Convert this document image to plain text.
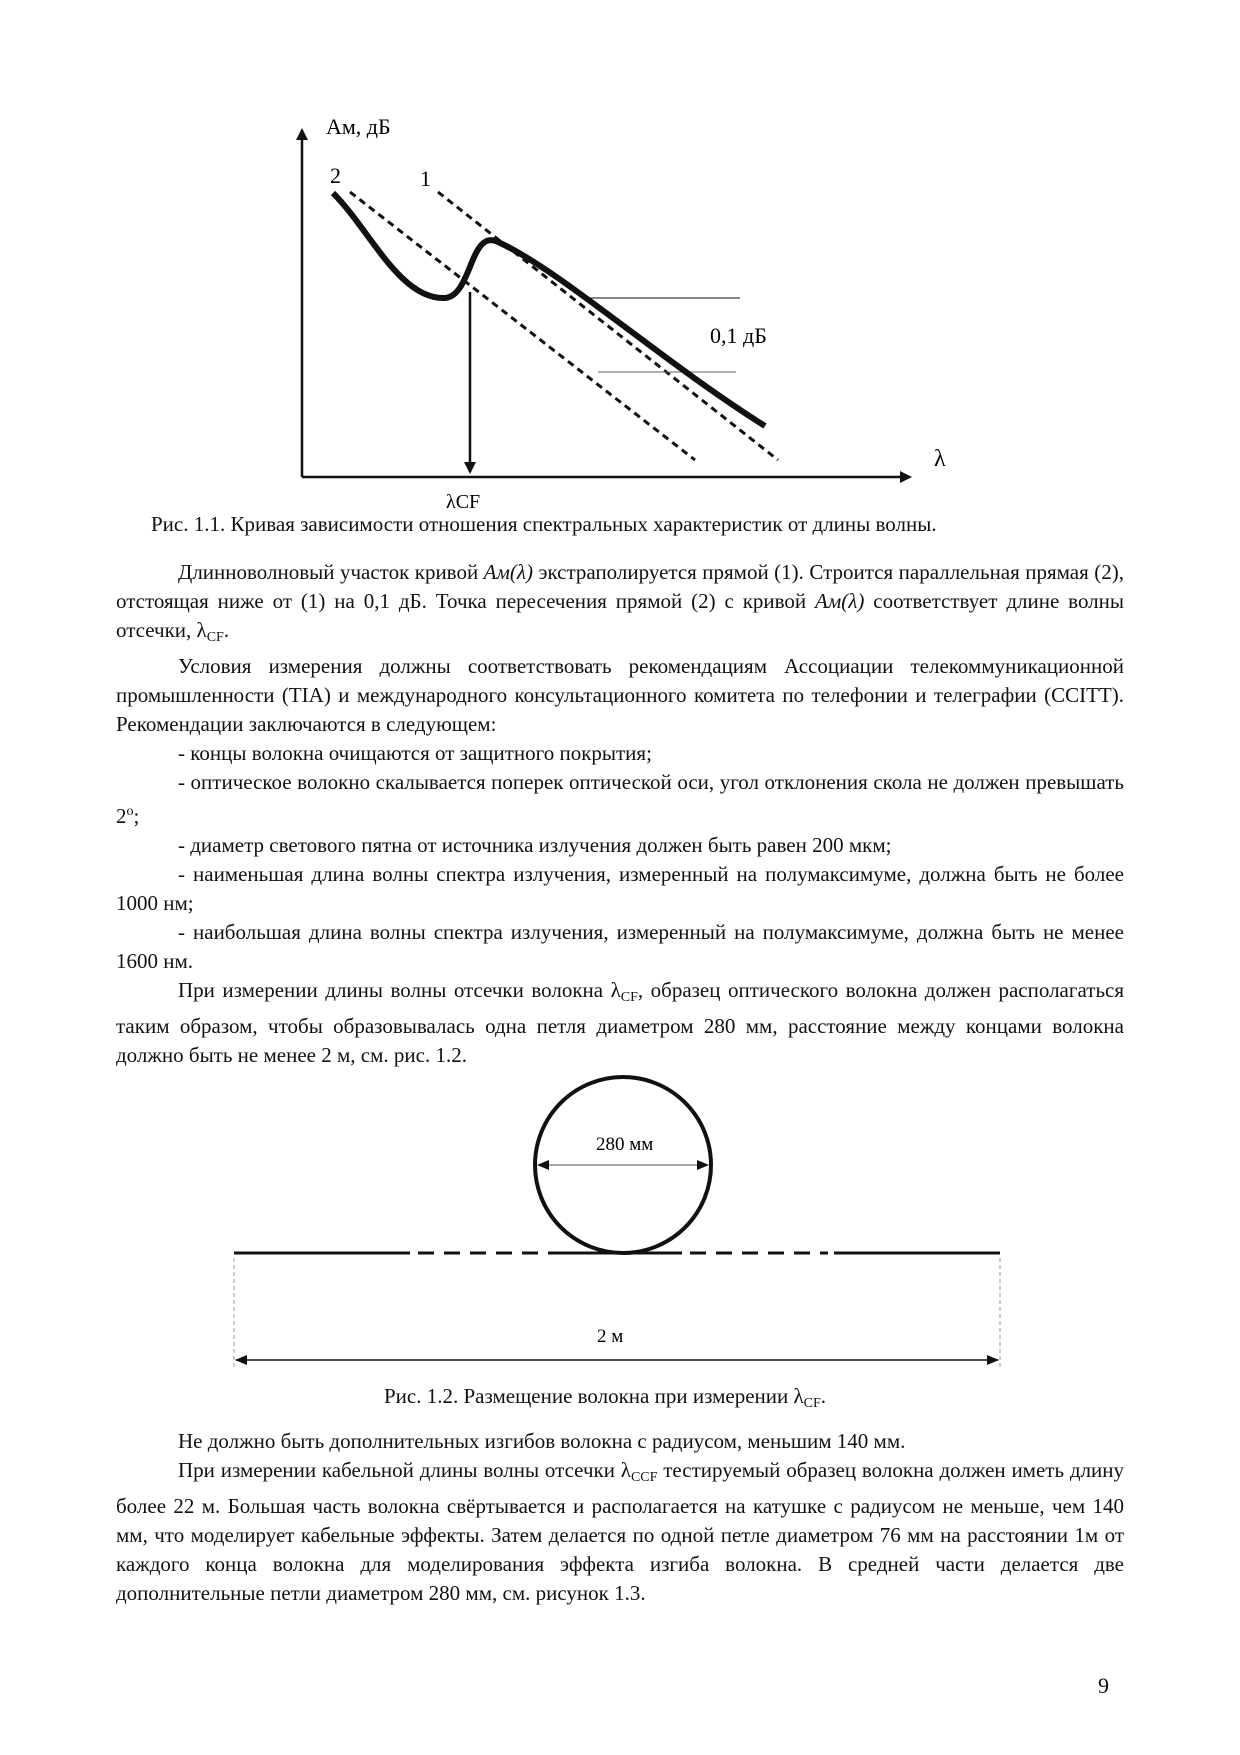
Aм, дБ
2	1
0,1 дБ
λ
λCF
Рис. 1.1. Кривая зависимости отношения спектральных характеристик от длины волны.

Длинноволновый участок кривой Aм(λ) экстраполируется прямой (1). Строится параллельная прямая (2), отстоящая ниже от (1) на 0,1 дБ. Точка пересечения прямой (2) с кривой Aм(λ) соответствует длине волны отсечки, $\lambda_{CF}$.

Условия измерения должны соответствовать рекомендациям Ассоциации телекоммуникационной промышленности (TIA) и международного консультационного комитета по телефонии и телеграфии (CCITT). Рекомендации заключаются в следующем:

- концы волокна очищаются от защитного покрытия;

- оптическое волокно скалывается поперек оптической оси, угол отклонения скола не должен превышать 2$^o$;

- диаметр светового пятна от источника излучения должен быть равен 200 мкм;

- наименьшая длина волны спектра излучения, измеренный на полумаксимуме, должна быть не более 1000 нм;

- наибольшая длина волны спектра излучения, измеренный на полумаксимуме, должна быть не менее 1600 нм.

При измерении длины волны отсечки волокна $\lambda_{CF}$, образец оптического волокна должен располагаться таким образом, чтобы образовывалась одна петля диаметром 280 мм, расстояние между концами волокна должно быть не менее 2 м, см. рис. 1.2.

280 мм
2 м
Рис. 1.2. Размещение волокна при измерении $\lambda_{CF}$.

Не должно быть дополнительных изгибов волокна с радиусом, меньшим 140 мм.

При измерении кабельной длины волны отсечки $\lambda_{CCF}$ тестируемый образец волокна должен иметь длину более 22 м. Большая часть волокна свёртывается и располагается на катушке с радиусом не меньше, чем 140 мм, что моделирует кабельные эффекты. Затем делается по одной петле диаметром 76 мм на расстоянии 1м от каждого конца волокна для моделирования эффекта изгиба волокна. В средней части делается две дополнительные петли диаметром 280 мм, см. рисунок 1.3.

9
